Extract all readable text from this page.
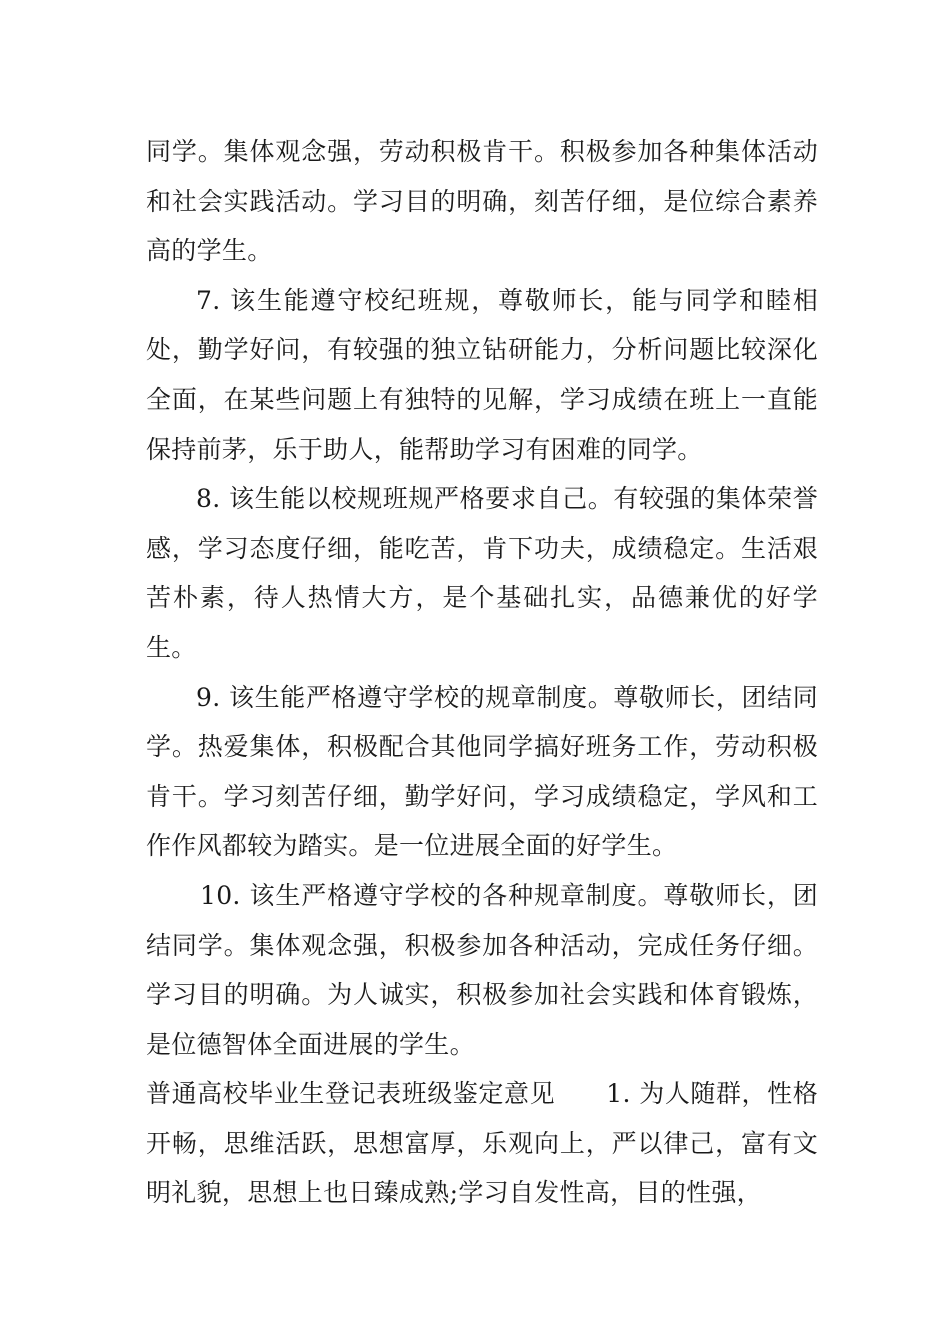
同学。集体观念强，劳动积极肯干。积极参加各种集体活动和社会实践活动。学习目的明确，刻苦仔细，是位综合素养高的学生。

7. 该生能遵守校纪班规，尊敬师长，能与同学和睦相处，勤学好问，有较强的独立钻研能力，分析问题比较深化全面，在某些问题上有独特的见解，学习成绩在班上一直能保持前茅，乐于助人，能帮助学习有困难的同学。

8. 该生能以校规班规严格要求自己。有较强的集体荣誉感，学习态度仔细，能吃苦，肯下功夫，成绩稳定。生活艰苦朴素，待人热情大方，是个基础扎实，品德兼优的好学生。

9. 该生能严格遵守学校的规章制度。尊敬师长，团结同学。热爱集体，积极配合其他同学搞好班务工作，劳动积极肯干。学习刻苦仔细，勤学好问，学习成绩稳定，学风和工作作风都较为踏实。是一位进展全面的好学生。

10. 该生严格遵守学校的各种规章制度。尊敬师长，团结同学。集体观念强，积极参加各种活动，完成任务仔细。学习目的明确。为人诚实，积极参加社会实践和体育锻炼，是位德智体全面进展的学生。

普通高校毕业生登记表班级鉴定意见　　1. 为人随群，性格开畅，思维活跃，思想富厚，乐观向上，严以律己，富有文明礼貌，思想上也日臻成熟;学习自发性高，目的性强，
